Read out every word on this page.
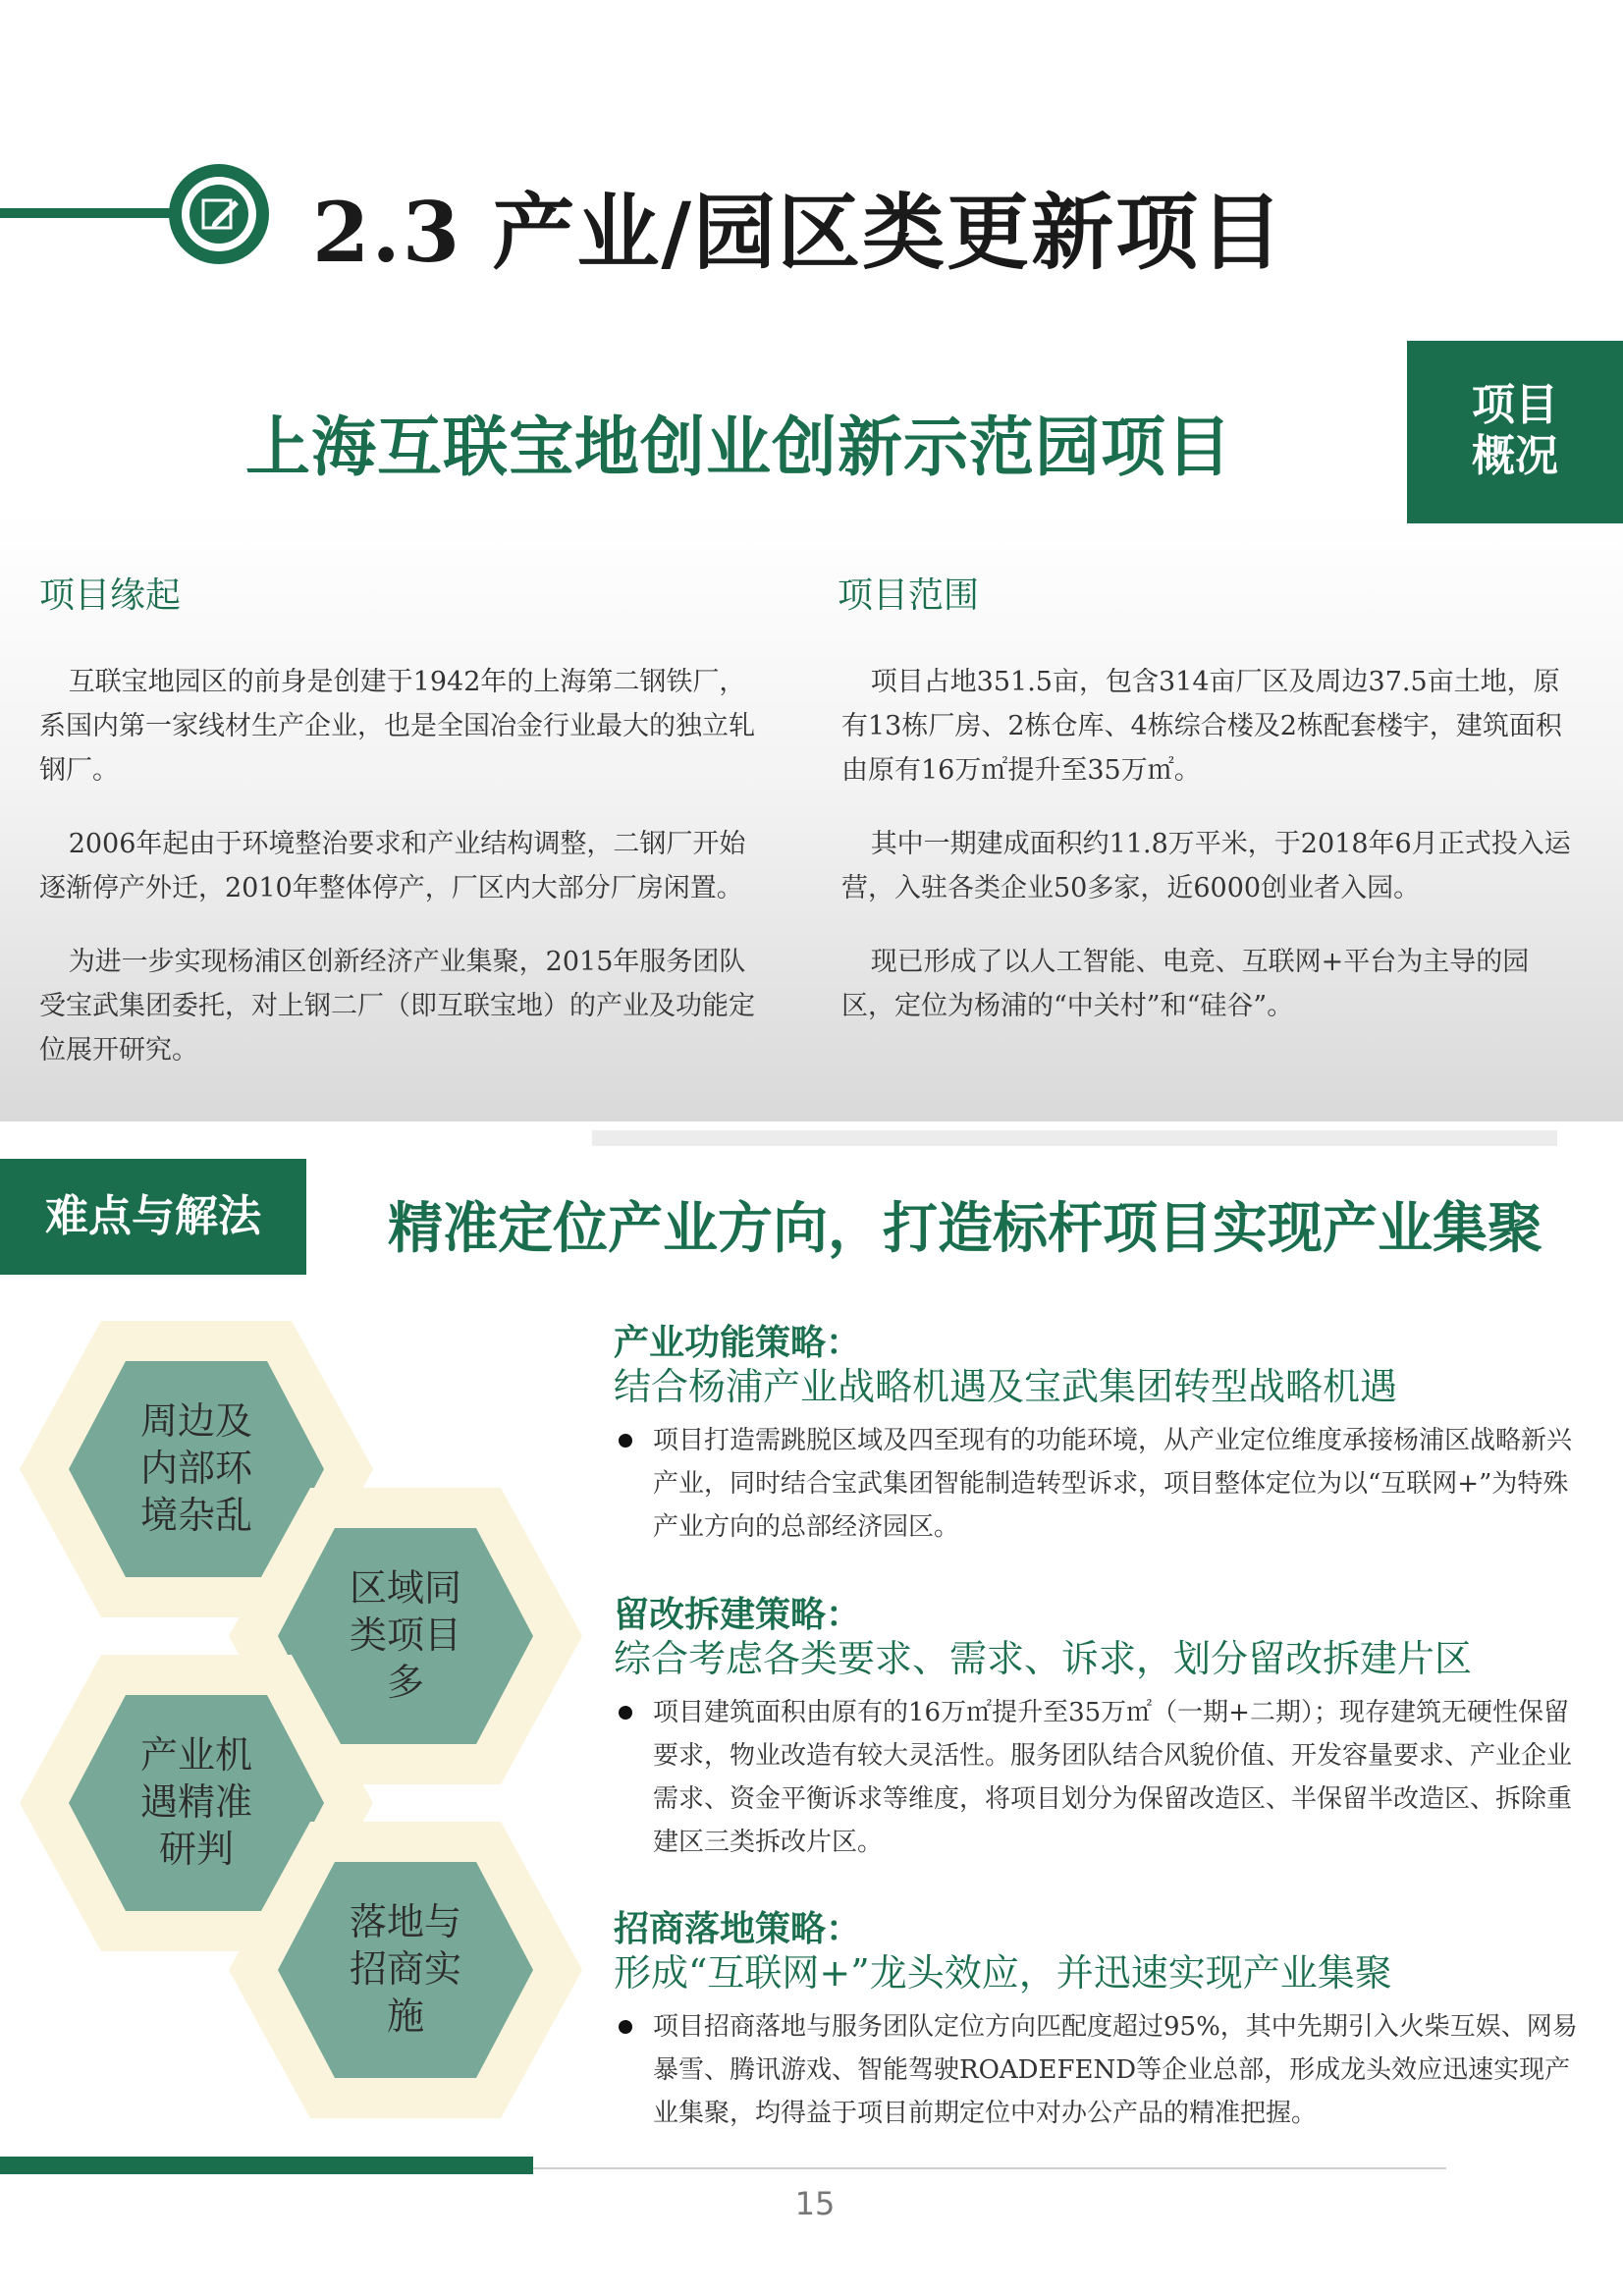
2.3 产业/园区类更新项目
上海互联宝地创业创新示范园项目
项目
概况
项目缘起	项目范围

互联宝地园区的前身是创建于1942年的上海第二钢铁厂，系国内第一家线材生产企业，也是全国冶金行业最大的独立轧钢厂。

2006年起由于环境整治要求和产业结构调整，二钢厂开始逐渐停产外迁，2010年整体停产，厂区内大部分厂房闲置。

为进一步实现杨浦区创新经济产业集聚，2015年服务团队受宝武集团委托，对上钢二厂（即互联宝地）的产业及功能定位展开研究。

项目占地351.5亩，包含314亩厂区及周边37.5亩土地，原有13栋厂房、2栋仓库、4栋综合楼及2栋配套楼宇，建筑面积由原有16万㎡提升至35万㎡。

其中一期建成面积约11.8万平米，于2018年6月正式投入运营，入驻各类企业50多家，近6000创业者入园。

现已形成了以人工智能、电竞、互联网+平台为主导的园区，定位为杨浦的“中关村”和“硅谷”。

难点与解法	精准定位产业方向，打造标杆项目实现产业集聚
周边及
内部环
境杂乱
区域同
类项目
多
产业机
遇精准
研判
落地与
招商实
施
产业功能策略：
结合杨浦产业战略机遇及宝武集团转型战略机遇
项目打造需跳脱区域及四至现有的功能环境，从产业定位维度承接杨浦区战略新兴产业，同时结合宝武集团智能制造转型诉求，项目整体定位为以“互联网+”为特殊产业方向的总部经济园区。
留改拆建策略：
综合考虑各类要求、需求、诉求，划分留改拆建片区
项目建筑面积由原有的16万㎡提升至35万㎡（一期+二期）；现存建筑无硬性保留要求，物业改造有较大灵活性。服务团队结合风貌价值、开发容量要求、产业企业需求、资金平衡诉求等维度，将项目划分为保留改造区、半保留半改造区、拆除重建区三类拆改片区。
招商落地策略：
形成“互联网+”龙头效应，并迅速实现产业集聚
项目招商落地与服务团队定位方向匹配度超过95%，其中先期引入火柴互娱、网易暴雪、腾讯游戏、智能驾驶ROADEFEND等企业总部，形成龙头效应迅速实现产业集聚，均得益于项目前期定位中对办公产品的精准把握。
15
